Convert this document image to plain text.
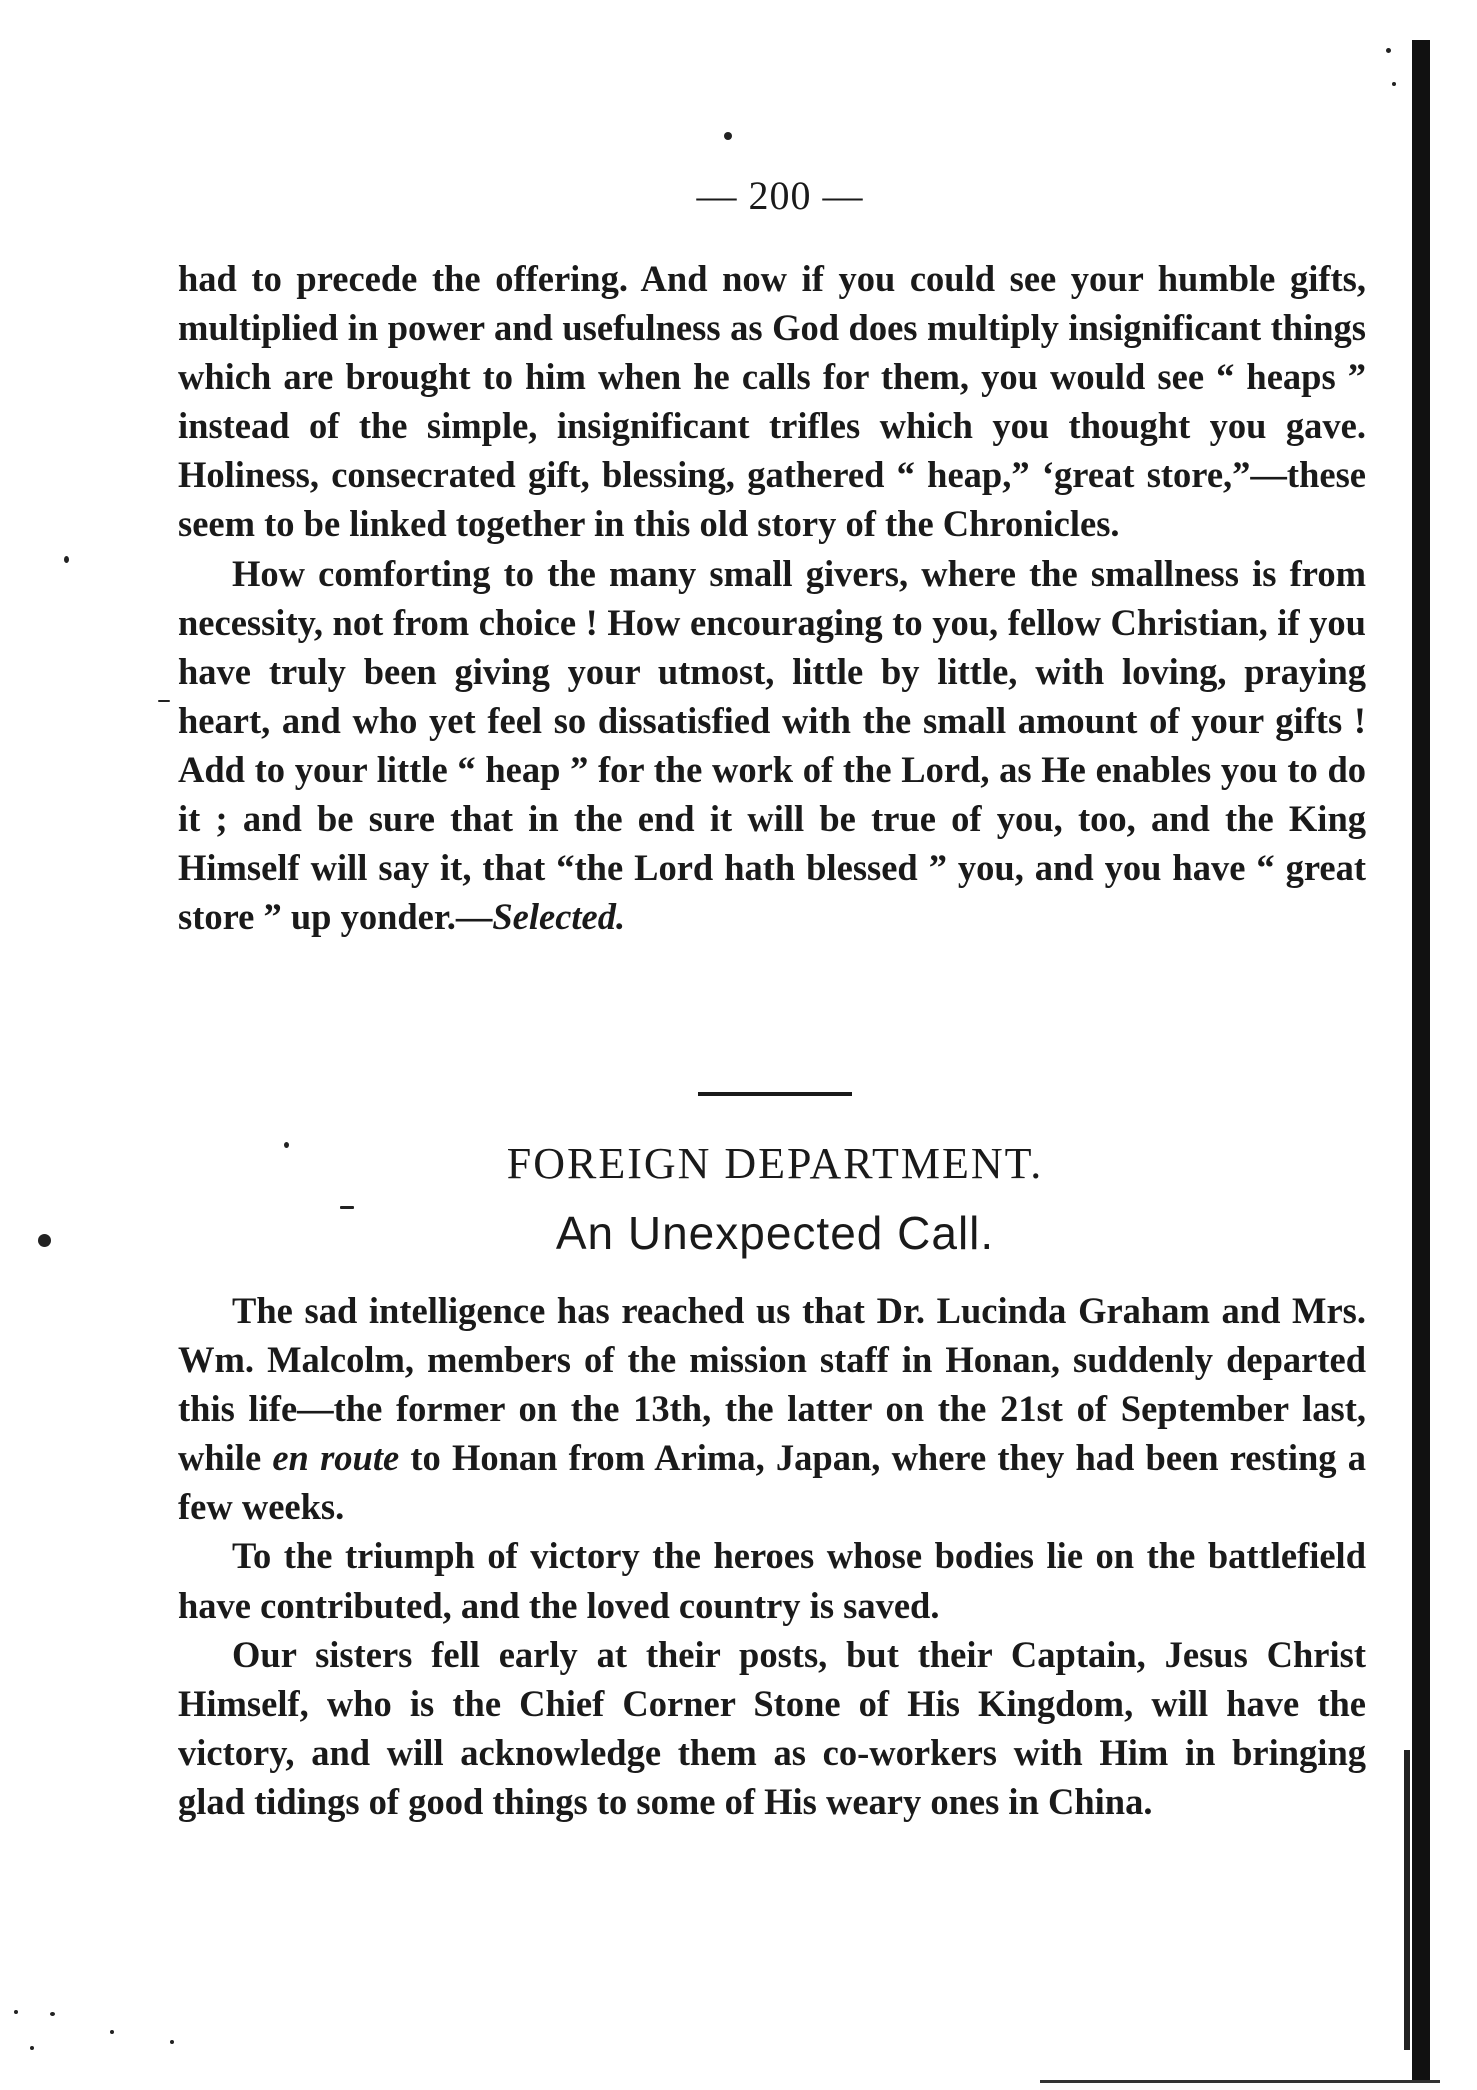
— 200 —

had to precede the offering. And now if you could see your humble gifts, multiplied in power and usefulness as God does multiply insignificant things which are brought to him when he calls for them, you would see “ heaps ” instead of the simple, insignificant trifles which you thought you gave. Holiness, consecrated gift, blessing, gathered “ heap,” ‘great store,”—these seem to be linked together in this old story of the Chronicles.

How comforting to the many small givers, where the smallness is from necessity, not from choice ! How encouraging to you, fellow Christian, if you have truly been giving your utmost, little by little, with loving, praying heart, and who yet feel so dissatisfied with the small amount of your gifts ! Add to your little “ heap ” for the work of the Lord, as He enables you to do it ; and be sure that in the end it will be true of you, too, and the King Himself will say it, that “the Lord hath blessed ” you, and you have “ great store ” up yonder.—Selected.

FOREIGN DEPARTMENT.
An Unexpected Call.

The sad intelligence has reached us that Dr. Lucinda Graham and Mrs. Wm. Malcolm, members of the mission staff in Honan, suddenly departed this life—the former on the 13th, the latter on the 21st of September last, while en route to Honan from Arima, Japan, where they had been resting a few weeks.

To the triumph of victory the heroes whose bodies lie on the battlefield have contributed, and the loved country is saved.

Our sisters fell early at their posts, but their Captain, Jesus Christ Himself, who is the Chief Corner Stone of His Kingdom, will have the victory, and will acknowledge them as co-workers with Him in bringing glad tidings of good things to some of His weary ones in China.
